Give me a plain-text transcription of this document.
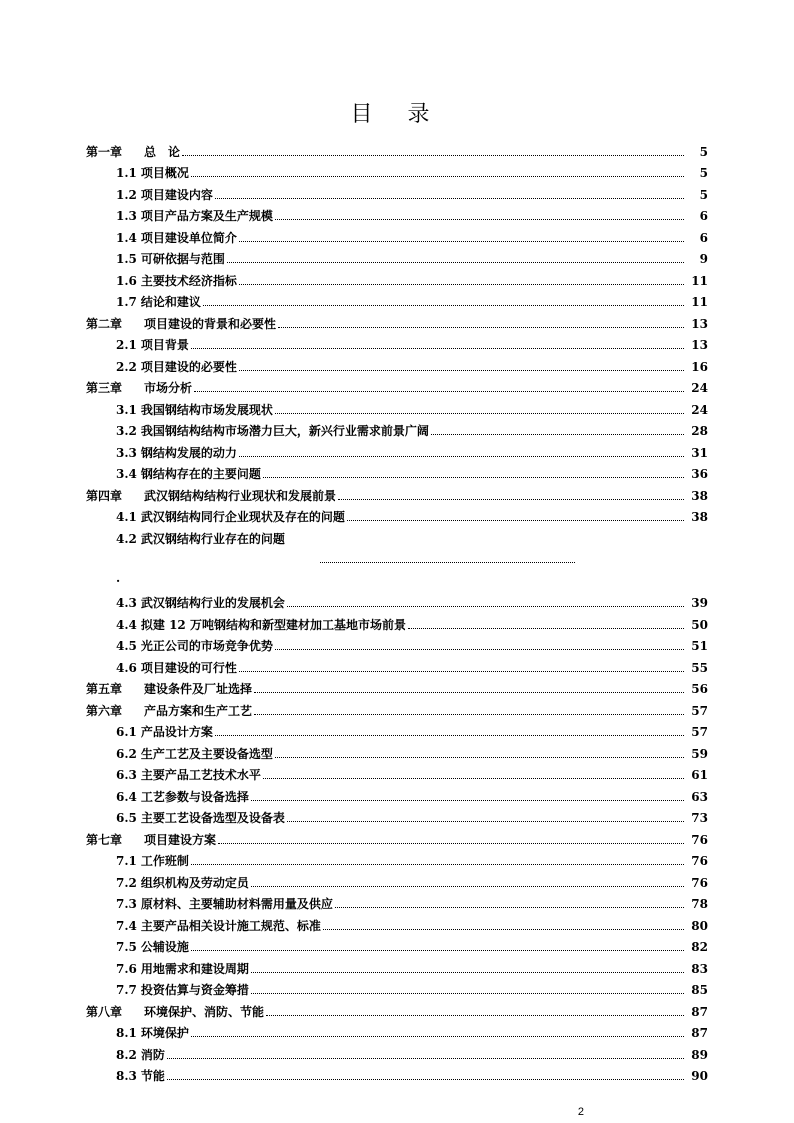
目 录
第一章	总　论	5
1.1 项目概况	5
1.2 项目建设内容	5
1.3 项目产品方案及生产规模	6
1.4 项目建设单位简介	6
1.5 可研依据与范围	9
1.6 主要技术经济指标	11
1.7 结论和建议	11
第二章	项目建设的背景和必要性	13
2.1 项目背景	13
2.2 项目建设的必要性	16
第三章	市场分析	24
3.1 我国钢结构市场发展现状	24
3.2 我国钢结构结构市场潜力巨大，新兴行业需求前景广阔	28
3.3 钢结构发展的动力	31
3.4 钢结构存在的主要问题	36
第四章	武汉钢结构结构行业现状和发展前景	38
4.1 武汉钢结构同行企业现状及存在的问题	38
4.2 武汉钢结构行业存在的问题
.
4.3 武汉钢结构行业的发展机会	39
4.4 拟建 12 万吨钢结构和新型建材加工基地市场前景	50
4.5 光正公司的市场竞争优势	51
4.6 项目建设的可行性	55
第五章	建设条件及厂址选择	56
第六章	产品方案和生产工艺	57
6.1 产品设计方案	57
6.2 生产工艺及主要设备选型	59
6.3 主要产品工艺技术水平	61
6.4 工艺参数与设备选择	63
6.5 主要工艺设备选型及设备表	73
第七章	项目建设方案	76
7.1 工作班制	76
7.2 组织机构及劳动定员	76
7.3 原材料、主要辅助材料需用量及供应	78
7.4 主要产品相关设计施工规范、标准	80
7.5 公辅设施	82
7.6 用地需求和建设周期	83
7.7 投资估算与资金筹措	85
第八章	环境保护、消防、节能	87
8.1 环境保护	87
8.2 消防	89
8.3 节能	90
2
